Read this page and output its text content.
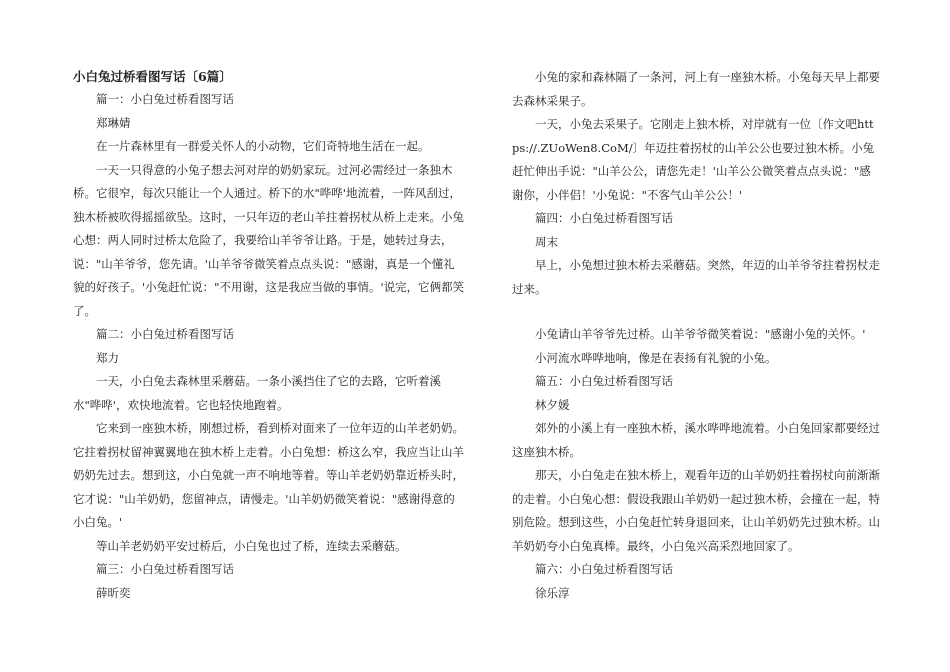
小白兔过桥看图写话〔6篇〕

篇一：小白兔过桥看图写话

郑琳婧

在一片森林里有一群爱关怀人的小动物，它们奇特地生活在一起。

一天一只得意的小兔子想去河对岸的奶奶家玩。过河必需经过一条独木桥。它很窄，每次只能让一个人通过。桥下的水"哗哗'地流着，一阵风刮过，独木桥被吹得摇摇欲坠。这时，一只年迈的老山羊拄着拐杖从桥上走来。小兔心想：两人同时过桥太危险了，我要给山羊爷爷让路。于是，她转过身去，说："山羊爷爷，您先请。'山羊爷爷微笑着点点头说："感谢，真是一个懂礼貌的好孩子。'小兔赶忙说："不用谢，这是我应当做的事情。'说完，它俩都笑了。

篇二：小白兔过桥看图写话

郑力

一天，小白兔去森林里采蘑菇。一条小溪挡住了它的去路，它听着溪水"哗哗'，欢快地流着。它也轻快地跑着。

它来到一座独木桥，刚想过桥，看到桥对面来了一位年迈的山羊老奶奶。它拄着拐杖留神翼翼地在独木桥上走着。小白兔想：桥这么窄，我应当让山羊奶奶先过去。想到这，小白兔就一声不响地等着。等山羊老奶奶靠近桥头时，它才说："山羊奶奶，您留神点，请慢走。'山羊奶奶微笑着说："感谢得意的小白兔。'

等山羊老奶奶平安过桥后，小白兔也过了桥，连续去采蘑菇。

篇三：小白兔过桥看图写话

薛昕奕

小兔的家和森林隔了一条河，河上有一座独木桥。小兔每天早上都要去森林采果子。

一天，小兔去采果子。它刚走上独木桥，对岸就有一位〔作文吧https://.ZUoWen8.CoM/〕年迈拄着拐杖的山羊公公也要过独木桥。小兔赶忙伸出手说："山羊公公，请您先走！'山羊公公微笑着点点头说："感谢你，小伴侣！'小兔说："不客气山羊公公！'

篇四：小白兔过桥看图写话

周末

早上，小兔想过独木桥去采蘑菇。突然，年迈的山羊爷爷拄着拐杖走过来。

小兔请山羊爷爷先过桥。山羊爷爷微笑着说："感谢小兔的关怀。'

小河流水哗哗地响，像是在表扬有礼貌的小兔。

篇五：小白兔过桥看图写话

林夕媛

郊外的小溪上有一座独木桥，溪水哗哗地流着。小白兔回家都要经过这座独木桥。

那天，小白兔走在独木桥上，观看年迈的山羊奶奶拄着拐杖向前渐渐的走着。小白兔心想：假设我跟山羊奶奶一起过独木桥，会撞在一起，特别危险。想到这些，小白兔赶忙转身退回来，让山羊奶奶先过独木桥。山羊奶奶夸小白兔真棒。最终，小白兔兴高采烈地回家了。

篇六：小白兔过桥看图写话

徐乐淳
